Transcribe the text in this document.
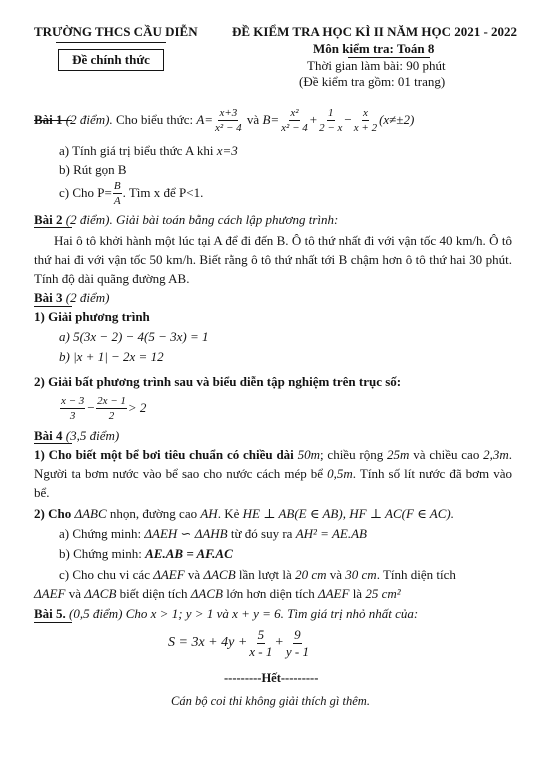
TRƯỜNG THCS CẦU DIỄN
Đề chính thức
ĐỀ KIỂM TRA HỌC KÌ II NĂM HỌC 2021 - 2022
Môn kiểm tra: Toán 8
Thời gian làm bài: 90 phút
(Đề kiểm tra gồm: 01 trang)
Bài 1
(2 điểm).
Cho biểu thức:
$A= \frac{x+3}{\text{x² − 4}}$
và
$B= \frac{\text{x²}}{\text{x² − 4}} + \frac{1}{2 - x} - \frac{x}{x + 2} (x\ne\pm 2)$
a) Tính giá trị biểu thức A khi x=3
b) Rút gọn B
c) Cho $P= \frac{B}{A}$ . Tìm x để P<1.
Bài 2 (2 điểm). Giải bài toán bằng cách lập phương trình:

Hai ô tô khởi hành một lúc tại A để đi đến B. Ô tô thứ nhất đi với vận tốc 40 km/h. Ô tô thứ hai đi với vận tốc 50 km/h. Biết rằng ô tô thứ nhất tới B chậm hơn ô tô thứ hai 30 phút. Tính độ dài quãng đường AB.

Bài 3 (2 điểm)
1) Giải phương trình
a) 5(3x − 2) − 4(5 − 3x) = 1
b) |x + 1| − 2x = 12
2) Giải bất phương trình sau và biểu diễn tập nghiệm trên trục số:
$\frac{x - 3}{3} - \frac{2x - 1}{2} > 2$
Bài 4 (3,5 điểm)

1) Cho biết một bể bơi tiêu chuẩn có chiều dài 50m; chiều rộng 25m và chiều cao 2,3m. Người ta bơm nước vào bể sao cho nước cách mép bể 0,5m. Tính số lít nước đã bơm vào bể.

2) Cho ΔABC nhọn, đường cao AH. Kẻ HE ⊥ AB(E ∈ AB), HF ⊥ AC(F ∈ AC).
a) Chứng minh: ΔAEH ∽ ΔAHB từ đó suy ra AH² = AE.AB
b) Chứng minh: AE.AB = AF.AC
c) Cho chu vi các ΔAEF và ΔACB lần lượt là 20 cm và 30 cm. Tính diện tích
ΔAEF và ΔACB biết diện tích ΔACB lớn hơn diện tích ΔAEF là 25 cm²
Bài 5. (0,5 điểm) Cho x > 1; y > 1 và x + y = 6. Tìm giá trị nhỏ nhất của:
$S = 3x + 4y + \frac{5}{x - 1} + \frac{9}{y - 1}$
---------Hết---------
Cán bộ coi thi không giải thích gì thêm.
